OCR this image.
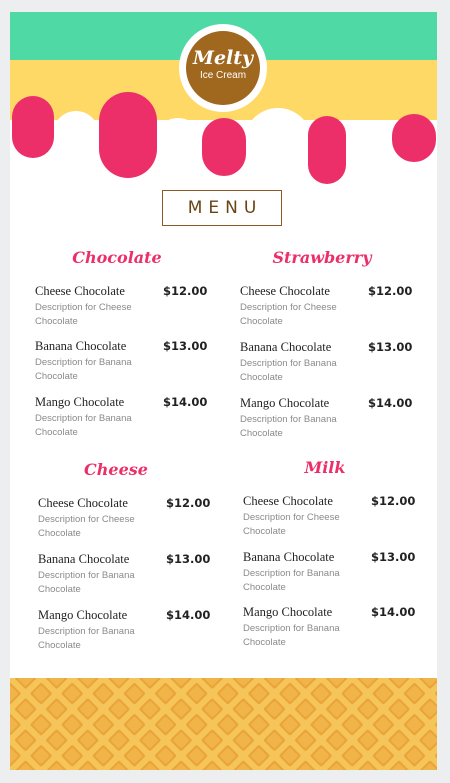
Melty
Ice Cream
MENU
Chocolate
Cheese Chocolate	$12.00
Description for Cheese Chocolate
Banana Chocolate	$13.00
Description for Banana Chocolate
Mango Chocolate	$14.00
Description for Banana Chocolate
Strawberry
Cheese Chocolate	$12.00
Description for Cheese Chocolate
Banana Chocolate	$13.00
Description for Banana Chocolate
Mango Chocolate	$14.00
Description for Banana Chocolate
Cheese
Cheese Chocolate	$12.00
Description for Cheese Chocolate
Banana Chocolate	$13.00
Description for Banana Chocolate
Mango Chocolate	$14.00
Description for Banana Chocolate
Milk
Cheese Chocolate	$12.00
Description for Cheese Chocolate
Banana Chocolate	$13.00
Description for Banana Chocolate
Mango Chocolate	$14.00
Description for Banana Chocolate
